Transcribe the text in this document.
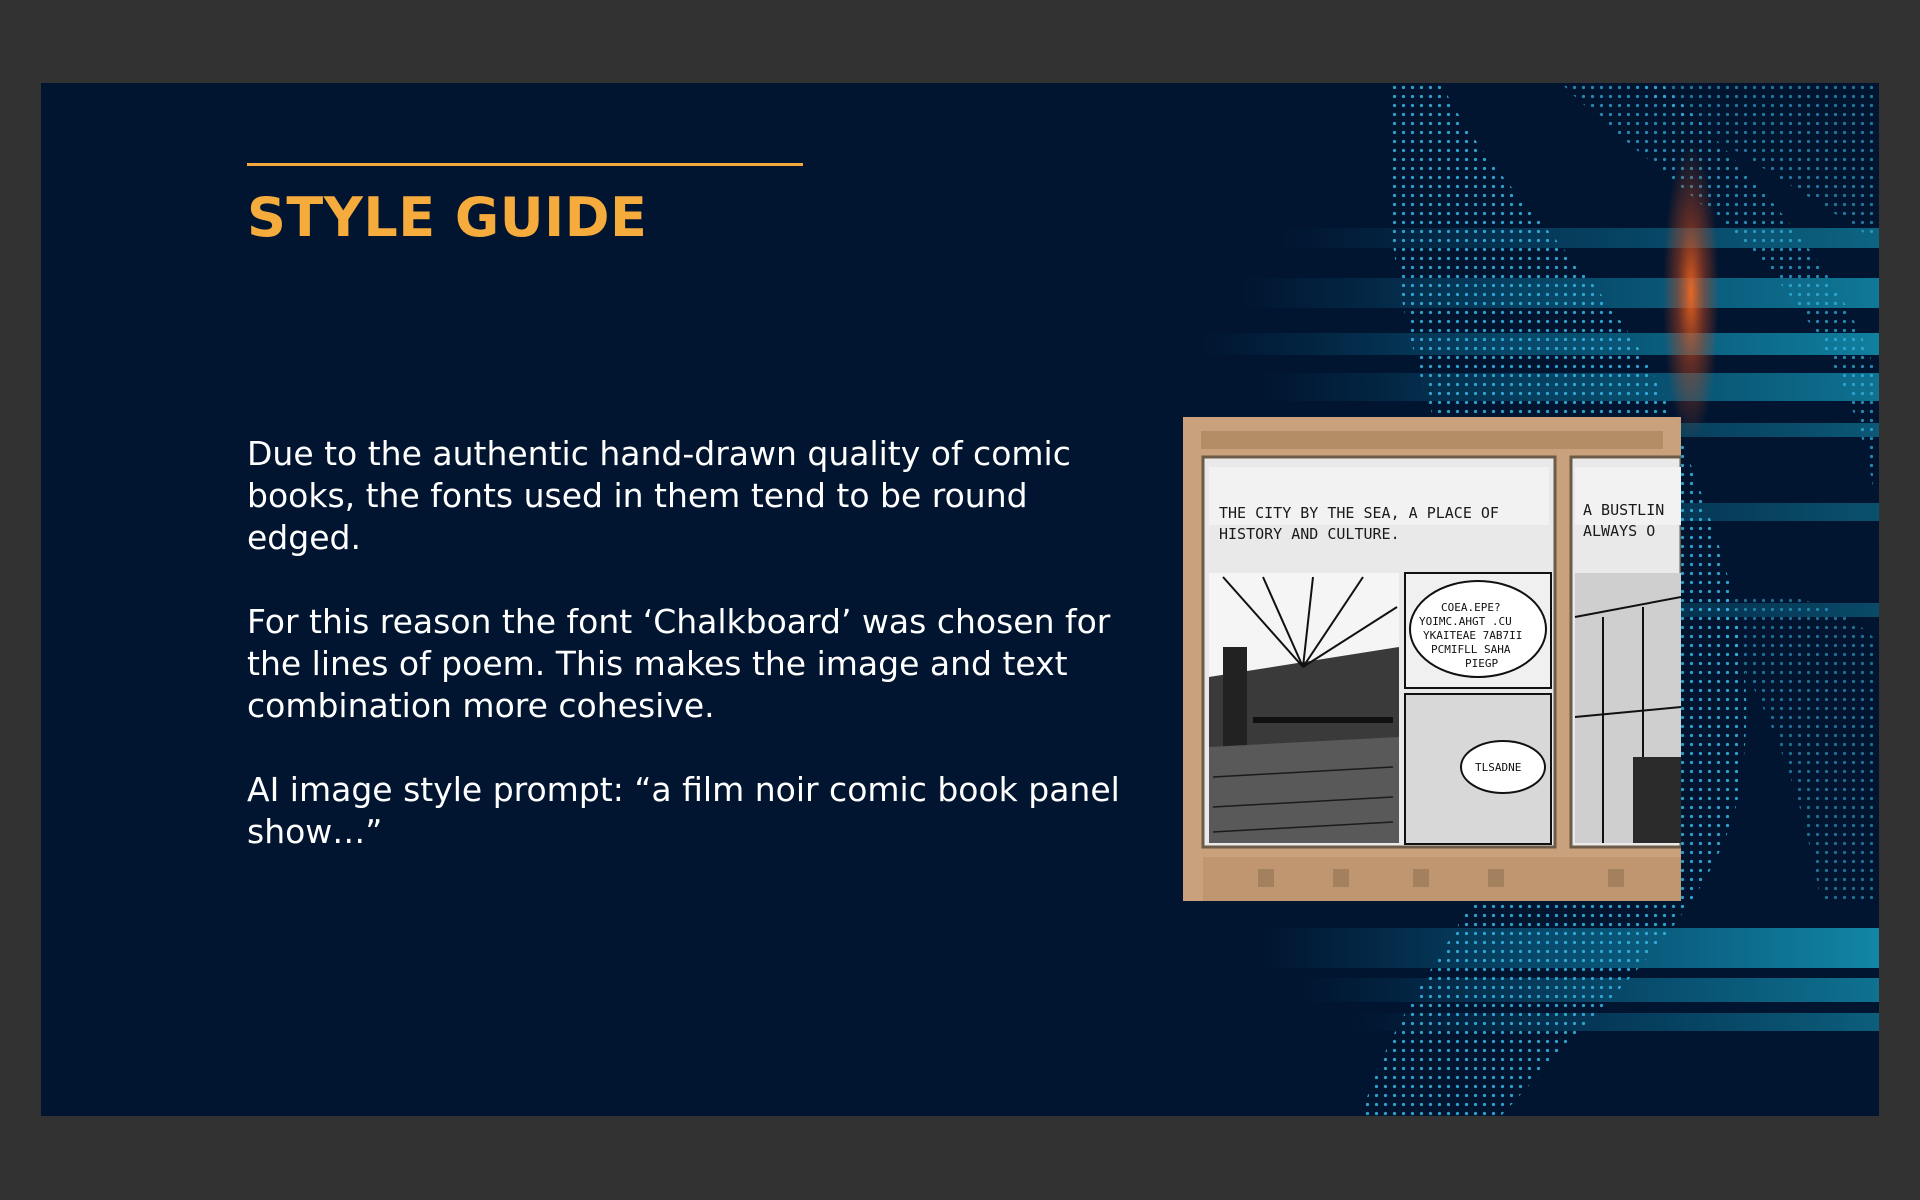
STYLE GUIDE

Due to the authentic hand-drawn quality of comic books, the fonts used in them tend to be round edged.

For this reason the font ‘Chalkboard’ was chosen for the lines of poem. This makes the image and text combination more cohesive.

AI image style prompt: “a film noir comic book panel show…”

THE CITY BY THE SEA, A PLACE OF
HISTORY AND CULTURE.
A BUSTLIN
ALWAYS O
COEA.EPE?
YOIMC.AHGT .CU
YKAITEAE 7AB7II
PCMIFLL SAHA
PIEGP
TLSADNE
